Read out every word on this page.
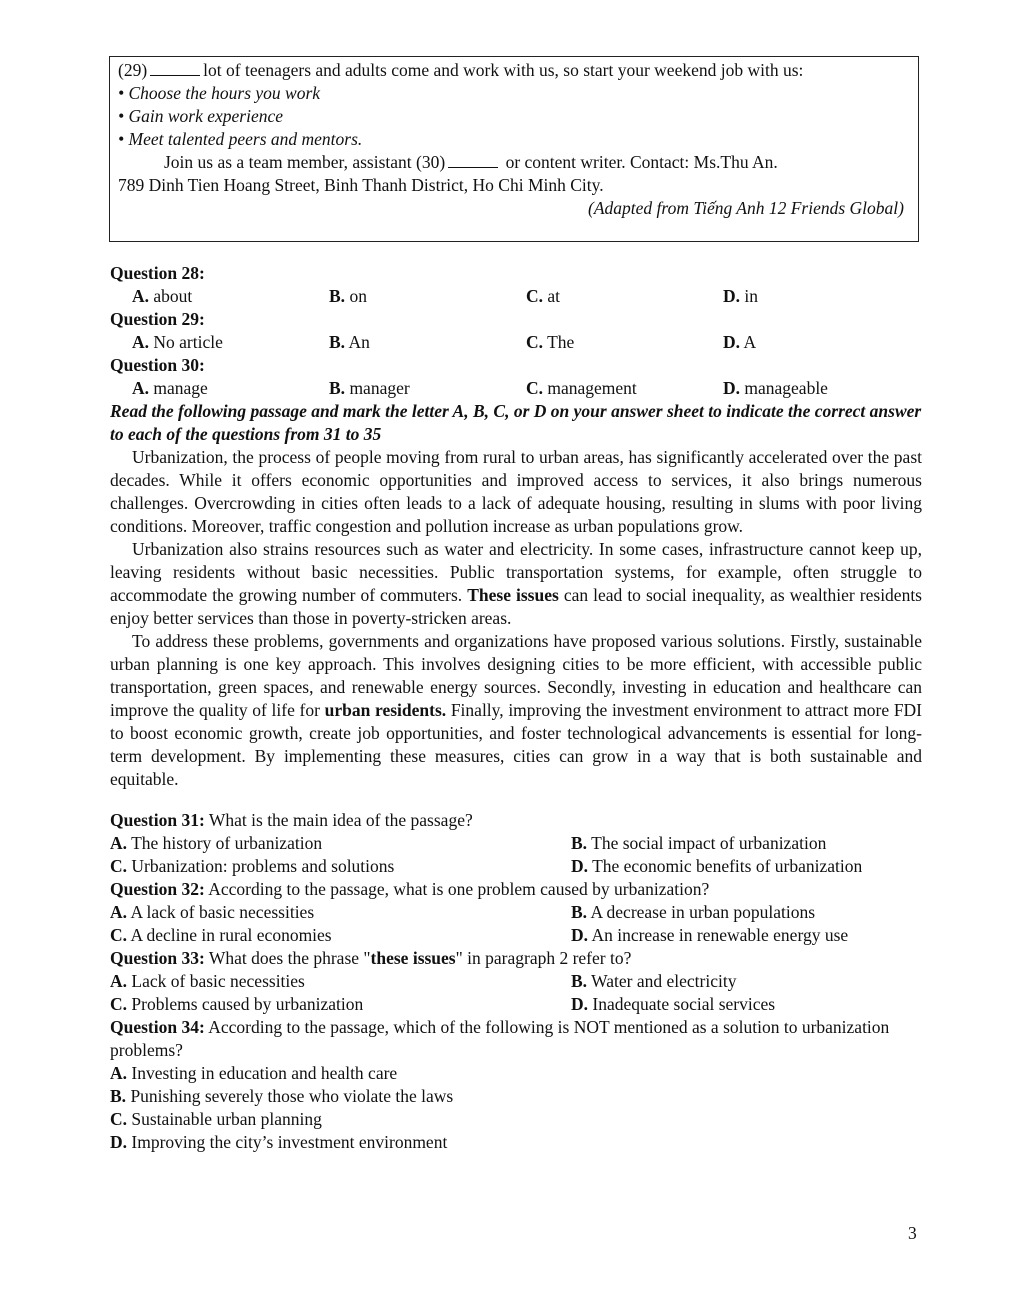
(29)	lot of teenagers and adults come and work with us, so start your weekend job with us:
• Choose the hours you work
• Gain work experience
• Meet talented peers and mentors.
Join us as a team member, assistant (30)	or content writer. Contact: Ms.Thu An.
789 Dinh Tien Hoang Street, Binh Thanh District, Ho Chi Minh City.
(Adapted from Tiếng Anh 12 Friends Global)
Question 28:
A. about	B. on	C. at	D. in
Question 29:
A. No article	B. An	C. The	D. A
Question 30:
A. manage	B. manager	C. management	D. manageable
Read the following passage and mark the letter A, B, C, or D on your answer sheet to indicate the correct answer to each of the questions from 31 to 35
Urbanization, the process of people moving from rural to urban areas, has significantly accelerated over the past decades. While it offers economic opportunities and improved access to services, it also brings numerous challenges. Overcrowding in cities often leads to a lack of adequate housing, resulting in slums with poor living conditions. Moreover, traffic congestion and pollution increase as urban populations grow.
Urbanization also strains resources such as water and electricity. In some cases, infrastructure cannot keep up, leaving residents without basic necessities. Public transportation systems, for example, often struggle to accommodate the growing number of commuters. These issues can lead to social inequality, as wealthier residents enjoy better services than those in poverty-stricken areas.
To address these problems, governments and organizations have proposed various solutions. Firstly, sustainable urban planning is one key approach. This involves designing cities to be more efficient, with accessible public transportation, green spaces, and renewable energy sources. Secondly, investing in education and healthcare can improve the quality of life for urban residents. Finally, improving the investment environment to attract more FDI to boost economic growth, create job opportunities, and foster technological advancements is essential for long-term development. By implementing these measures, cities can grow in a way that is both sustainable and equitable.
Question 31: What is the main idea of the passage?
A. The history of urbanization	B. The social impact of urbanization
C. Urbanization: problems and solutions	D. The economic benefits of urbanization
Question 32: According to the passage, what is one problem caused by urbanization?
A. A lack of basic necessities	B. A decrease in urban populations
C. A decline in rural economies	D. An increase in renewable energy use
Question 33: What does the phrase "these issues" in paragraph 2 refer to?
A. Lack of basic necessities	B. Water and electricity
C. Problems caused by urbanization	D. Inadequate social services
Question 34: According to the passage, which of the following is NOT mentioned as a solution to urbanization problems?
A. Investing in education and health care
B. Punishing severely those who violate the laws
C. Sustainable urban planning
D. Improving the city’s investment environment
3
